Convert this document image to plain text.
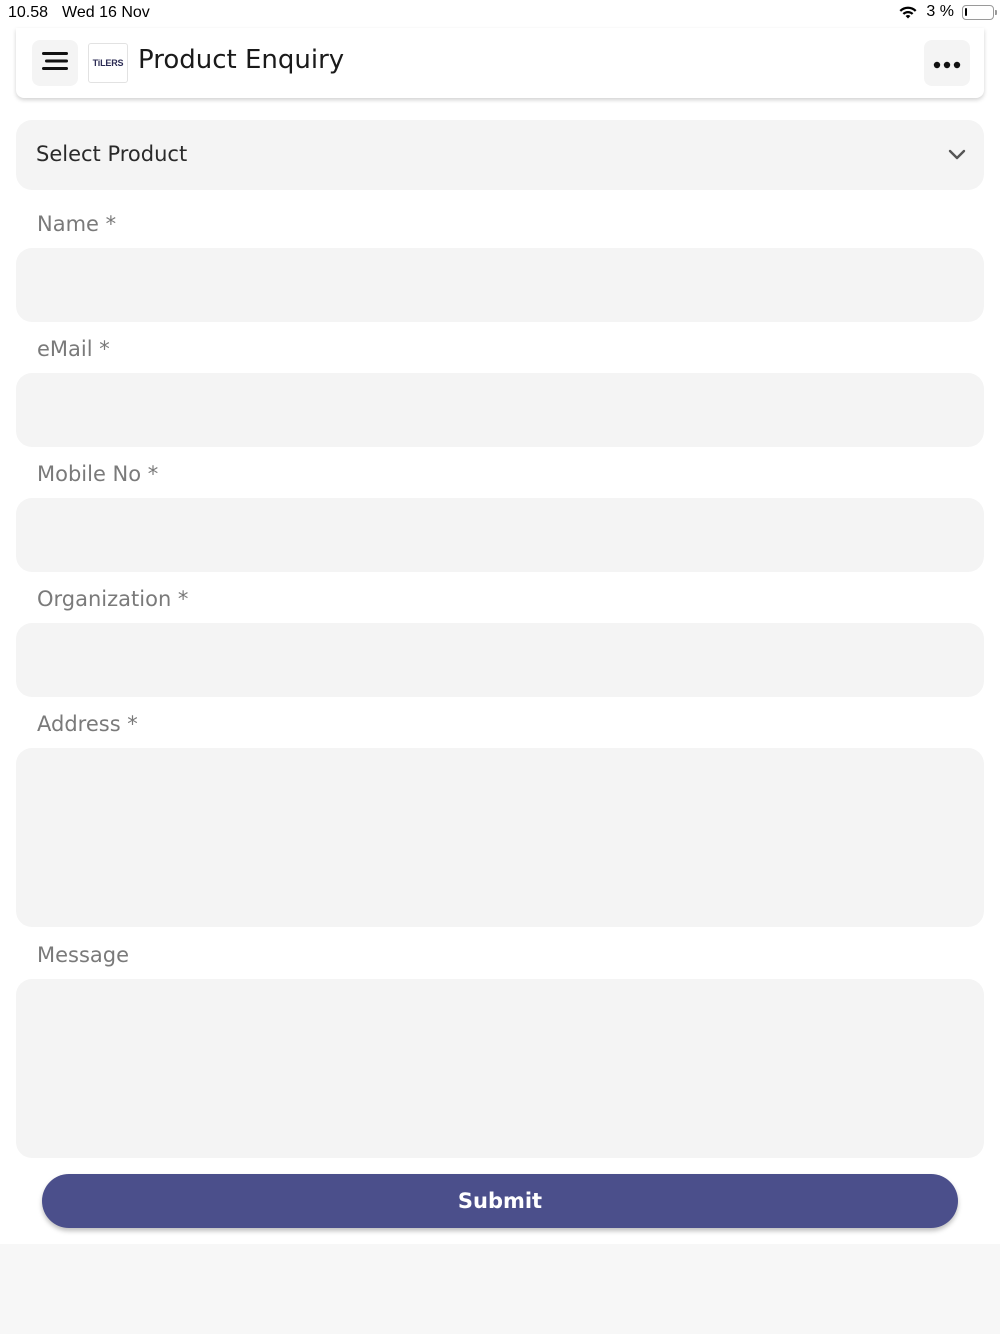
10.58 Wed 16 Nov	3 %
TiLERS Product Enquiry
Select Product
Name *
eMail *
Mobile No *
Organization *
Address *
Message
Submit
